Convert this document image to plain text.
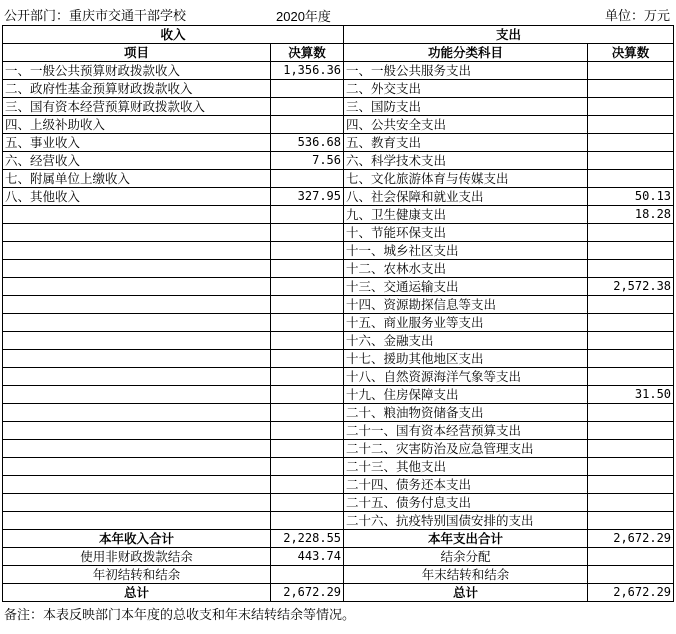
公开部门：重庆市交通干部学校	2020年度	单位：万元
收入		支出	
项目	决算数	功能分类科目	决算数
一、一般公共预算财政拨款收入	1,356.36	一、一般公共服务支出	
二、政府性基金预算财政拨款收入		二、外交支出	
三、国有资本经营预算财政拨款收入		三、国防支出	
四、上级补助收入		四、公共安全支出	
五、事业收入	536.68	五、教育支出	
六、经营收入	7.56	六、科学技术支出	
七、附属单位上缴收入		七、文化旅游体育与传媒支出	
八、其他收入	327.95	八、社会保障和就业支出	50.13
		九、卫生健康支出	18.28
		十、节能环保支出	
		十一、城乡社区支出	
		十二、农林水支出	
		十三、交通运输支出	2,572.38
		十四、资源勘探信息等支出	
		十五、商业服务业等支出	
		十六、金融支出	
		十七、援助其他地区支出	
		十八、自然资源海洋气象等支出	
		十九、住房保障支出	31.50
		二十、粮油物资储备支出	
		二十一、国有资本经营预算支出	
		二十二、灾害防治及应急管理支出	
		二十三、其他支出	
		二十四、债务还本支出	
		二十五、债务付息支出	
		二十六、抗疫特别国债安排的支出	
本年收入合计	2,228.55	本年支出合计	2,672.29
使用非财政拨款结余	443.74	结余分配	
年初结转和结余		年末结转和结余	
总计	2,672.29	总计	2,672.29
备注：本表反映部门本年度的总收支和年末结转结余等情况。
